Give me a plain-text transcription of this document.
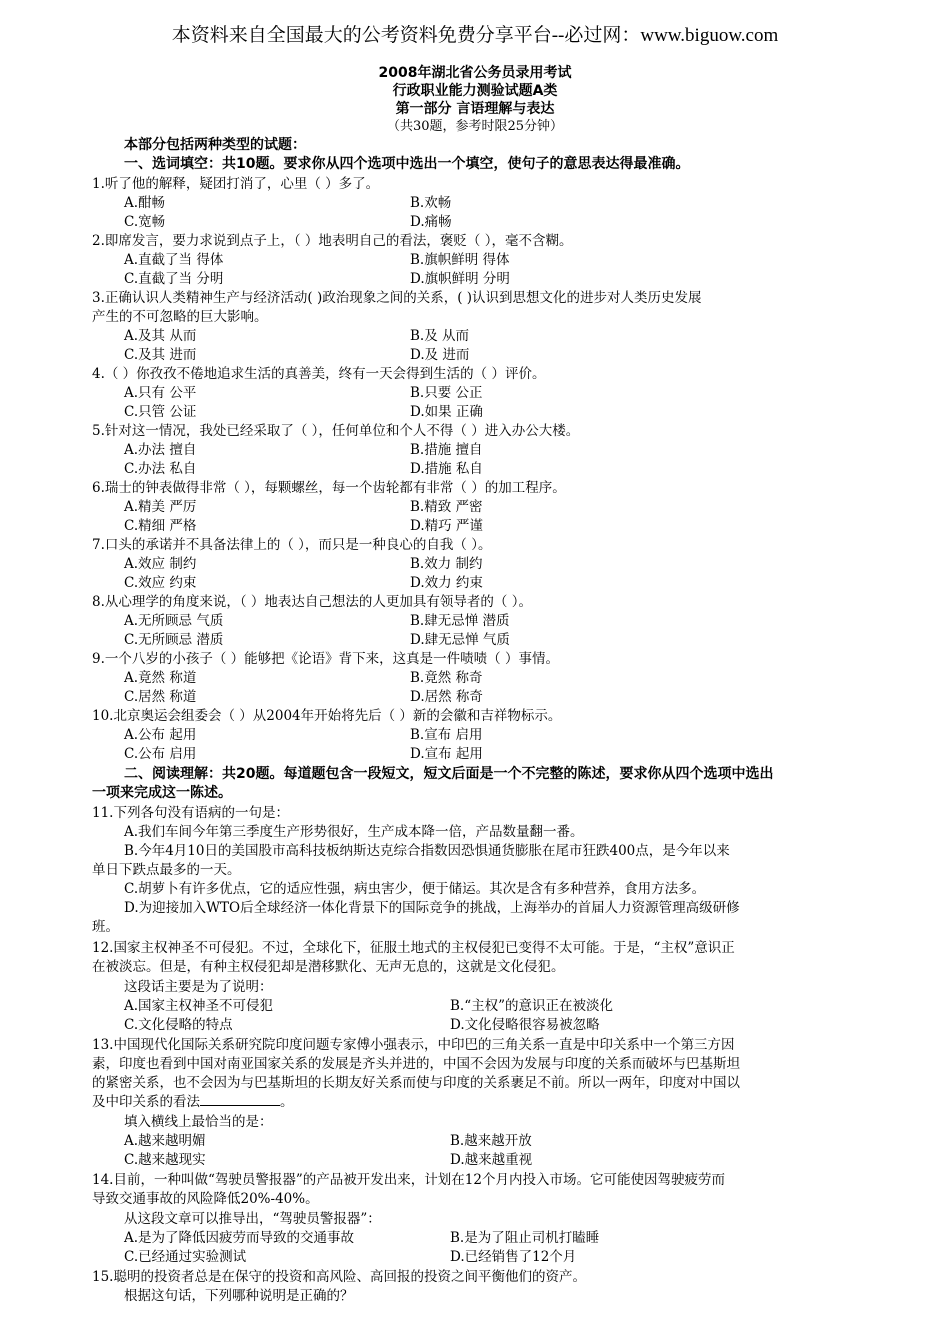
本资料来自全国最大的公考资料免费分享平台--必过网：www.biguow.com
2008年湖北省公务员录用考试
行政职业能力测验试题A类
第一部分 言语理解与表达
（共30题，参考时限25分钟）
本部分包括两种类型的试题：
一、选词填空：共10题。要求你从四个选项中选出一个填空，使句子的意思表达得最准确。
1.听了他的解释，疑团打消了，心里（ ）多了。
A.酣畅	B.欢畅
C.宽畅	D.痛畅
2.即席发言，要力求说到点子上，（ ）地表明自己的看法，褒贬（ ），毫不含糊。
A.直截了当 得体	B.旗帜鲜明 得体
C.直截了当 分明	D.旗帜鲜明 分明
3.正确认识人类精神生产与经济活动( )政治现象之间的关系，( )认识到思想文化的进步对人类历史发展
产生的不可忽略的巨大影响。
A.及其 从而	B.及 从而
C.及其 进而	D.及 进而
4.（ ）你孜孜不倦地追求生活的真善美，终有一天会得到生活的（ ）评价。
A.只有 公平	B.只要 公正
C.只管 公证	D.如果 正确
5.针对这一情况，我处已经采取了（ ），任何单位和个人不得（ ）进入办公大楼。
A.办法 擅自	B.措施 擅自
C.办法 私自	D.措施 私自
6.瑞士的钟表做得非常（ ），每颗螺丝，每一个齿轮都有非常（ ）的加工程序。
A.精美 严厉	B.精致 严密
C.精细 严格	D.精巧 严谨
7.口头的承诺并不具备法律上的（ ），而只是一种良心的自我（ ）。
A.效应 制约	B.效力 制约
C.效应 约束	D.效力 约束
8.从心理学的角度来说，（ ）地表达自己想法的人更加具有领导者的（ ）。
A.无所顾忌 气质	B.肆无忌惮 潜质
C.无所顾忌 潜质	D.肆无忌惮 气质
9.一个八岁的小孩子（ ）能够把《论语》背下来，这真是一件啧啧（ ）事情。
A.竟然 称道	B.竟然 称奇
C.居然 称道	D.居然 称奇
10.北京奥运会组委会（ ）从2004年开始将先后（ ）新的会徽和吉祥物标示。
A.公布 起用	B.宣布 启用
C.公布 启用	D.宣布 起用
二、阅读理解：共20题。每道题包含一段短文，短文后面是一个不完整的陈述，要求你从四个选项中选出
一项来完成这一陈述。
11.下列各句没有语病的一句是：
A.我们车间今年第三季度生产形势很好，生产成本降一倍，产品数量翻一番。
B.今年4月10日的美国股市高科技板纳斯达克综合指数因恐惧通货膨胀在尾市狂跌400点，是今年以来
单日下跌点最多的一天。
C.胡萝卜有许多优点，它的适应性强，病虫害少，便于储运。其次是含有多种营养，食用方法多。
D.为迎接加入WTO后全球经济一体化背景下的国际竞争的挑战，上海举办的首届人力资源管理高级研修
班。
12.国家主权神圣不可侵犯。不过，全球化下，征服土地式的主权侵犯已变得不太可能。于是，“主权”意识正
在被淡忘。但是，有种主权侵犯却是潜移默化、无声无息的，这就是文化侵犯。
这段话主要是为了说明：
A.国家主权神圣不可侵犯	B.“主权”的意识正在被淡化
C.文化侵略的特点	D.文化侵略很容易被忽略
13.中国现代化国际关系研究院印度问题专家傅小强表示，中印巴的三角关系一直是中印关系中一个第三方因
素，印度也看到中国对南亚国家关系的发展是齐头并进的，中国不会因为发展与印度的关系而破坏与巴基斯坦
的紧密关系，也不会因为与巴基斯坦的长期友好关系而使与印度的关系裹足不前。所以一两年，印度对中国以
及中印关系的看法	。
填入横线上最恰当的是：
A.越来越明媚	B.越来越开放
C.越来越现实	D.越来越重视
14.目前，一种叫做“驾驶员警报器”的产品被开发出来，计划在12个月内投入市场。它可能使因驾驶疲劳而
导致交通事故的风险降低20%-40%。
从这段文章可以推导出，“驾驶员警报器”：
A.是为了降低因疲劳而导致的交通事故	B.是为了阻止司机打瞌睡
C.已经通过实验测试	D.已经销售了12个月
15.聪明的投资者总是在保守的投资和高风险、高回报的投资之间平衡他们的资产。
根据这句话，下列哪种说明是正确的？
